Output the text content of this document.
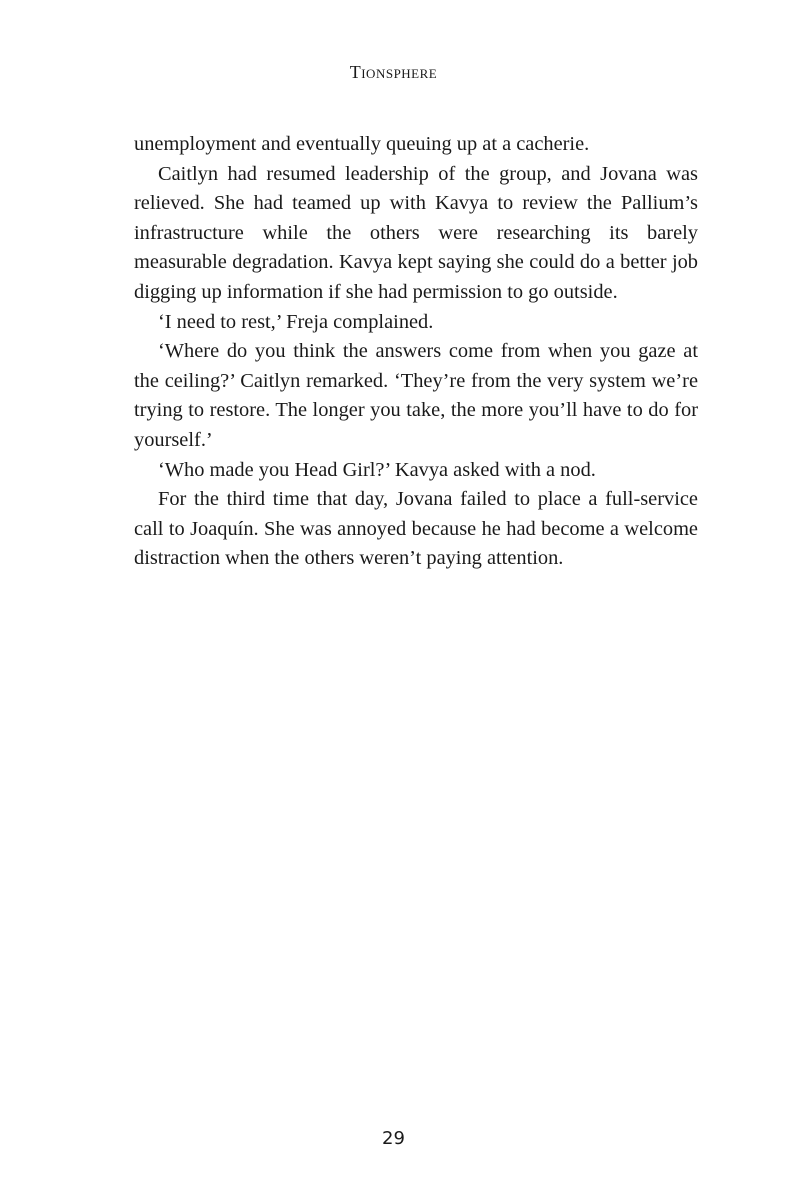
Tionsphere

unemployment and eventually queuing up at a cacherie.

Caitlyn had resumed leadership of the group, and Jovana was relieved. She had teamed up with Kavya to review the Pallium’s infrastructure while the others were researching its barely measurable degradation. Kavya kept saying she could do a better job digging up information if she had permission to go outside.

‘I need to rest,’ Freja complained.

‘Where do you think the answers come from when you gaze at the ceiling?’ Caitlyn remarked. ‘They’re from the very system we’re trying to restore. The longer you take, the more you’ll have to do for yourself.’

‘Who made you Head Girl?’ Kavya asked with a nod.

For the third time that day, Jovana failed to place a full-service call to Joaquín. She was annoyed because he had become a welcome distraction when the others weren’t paying attention.

29
